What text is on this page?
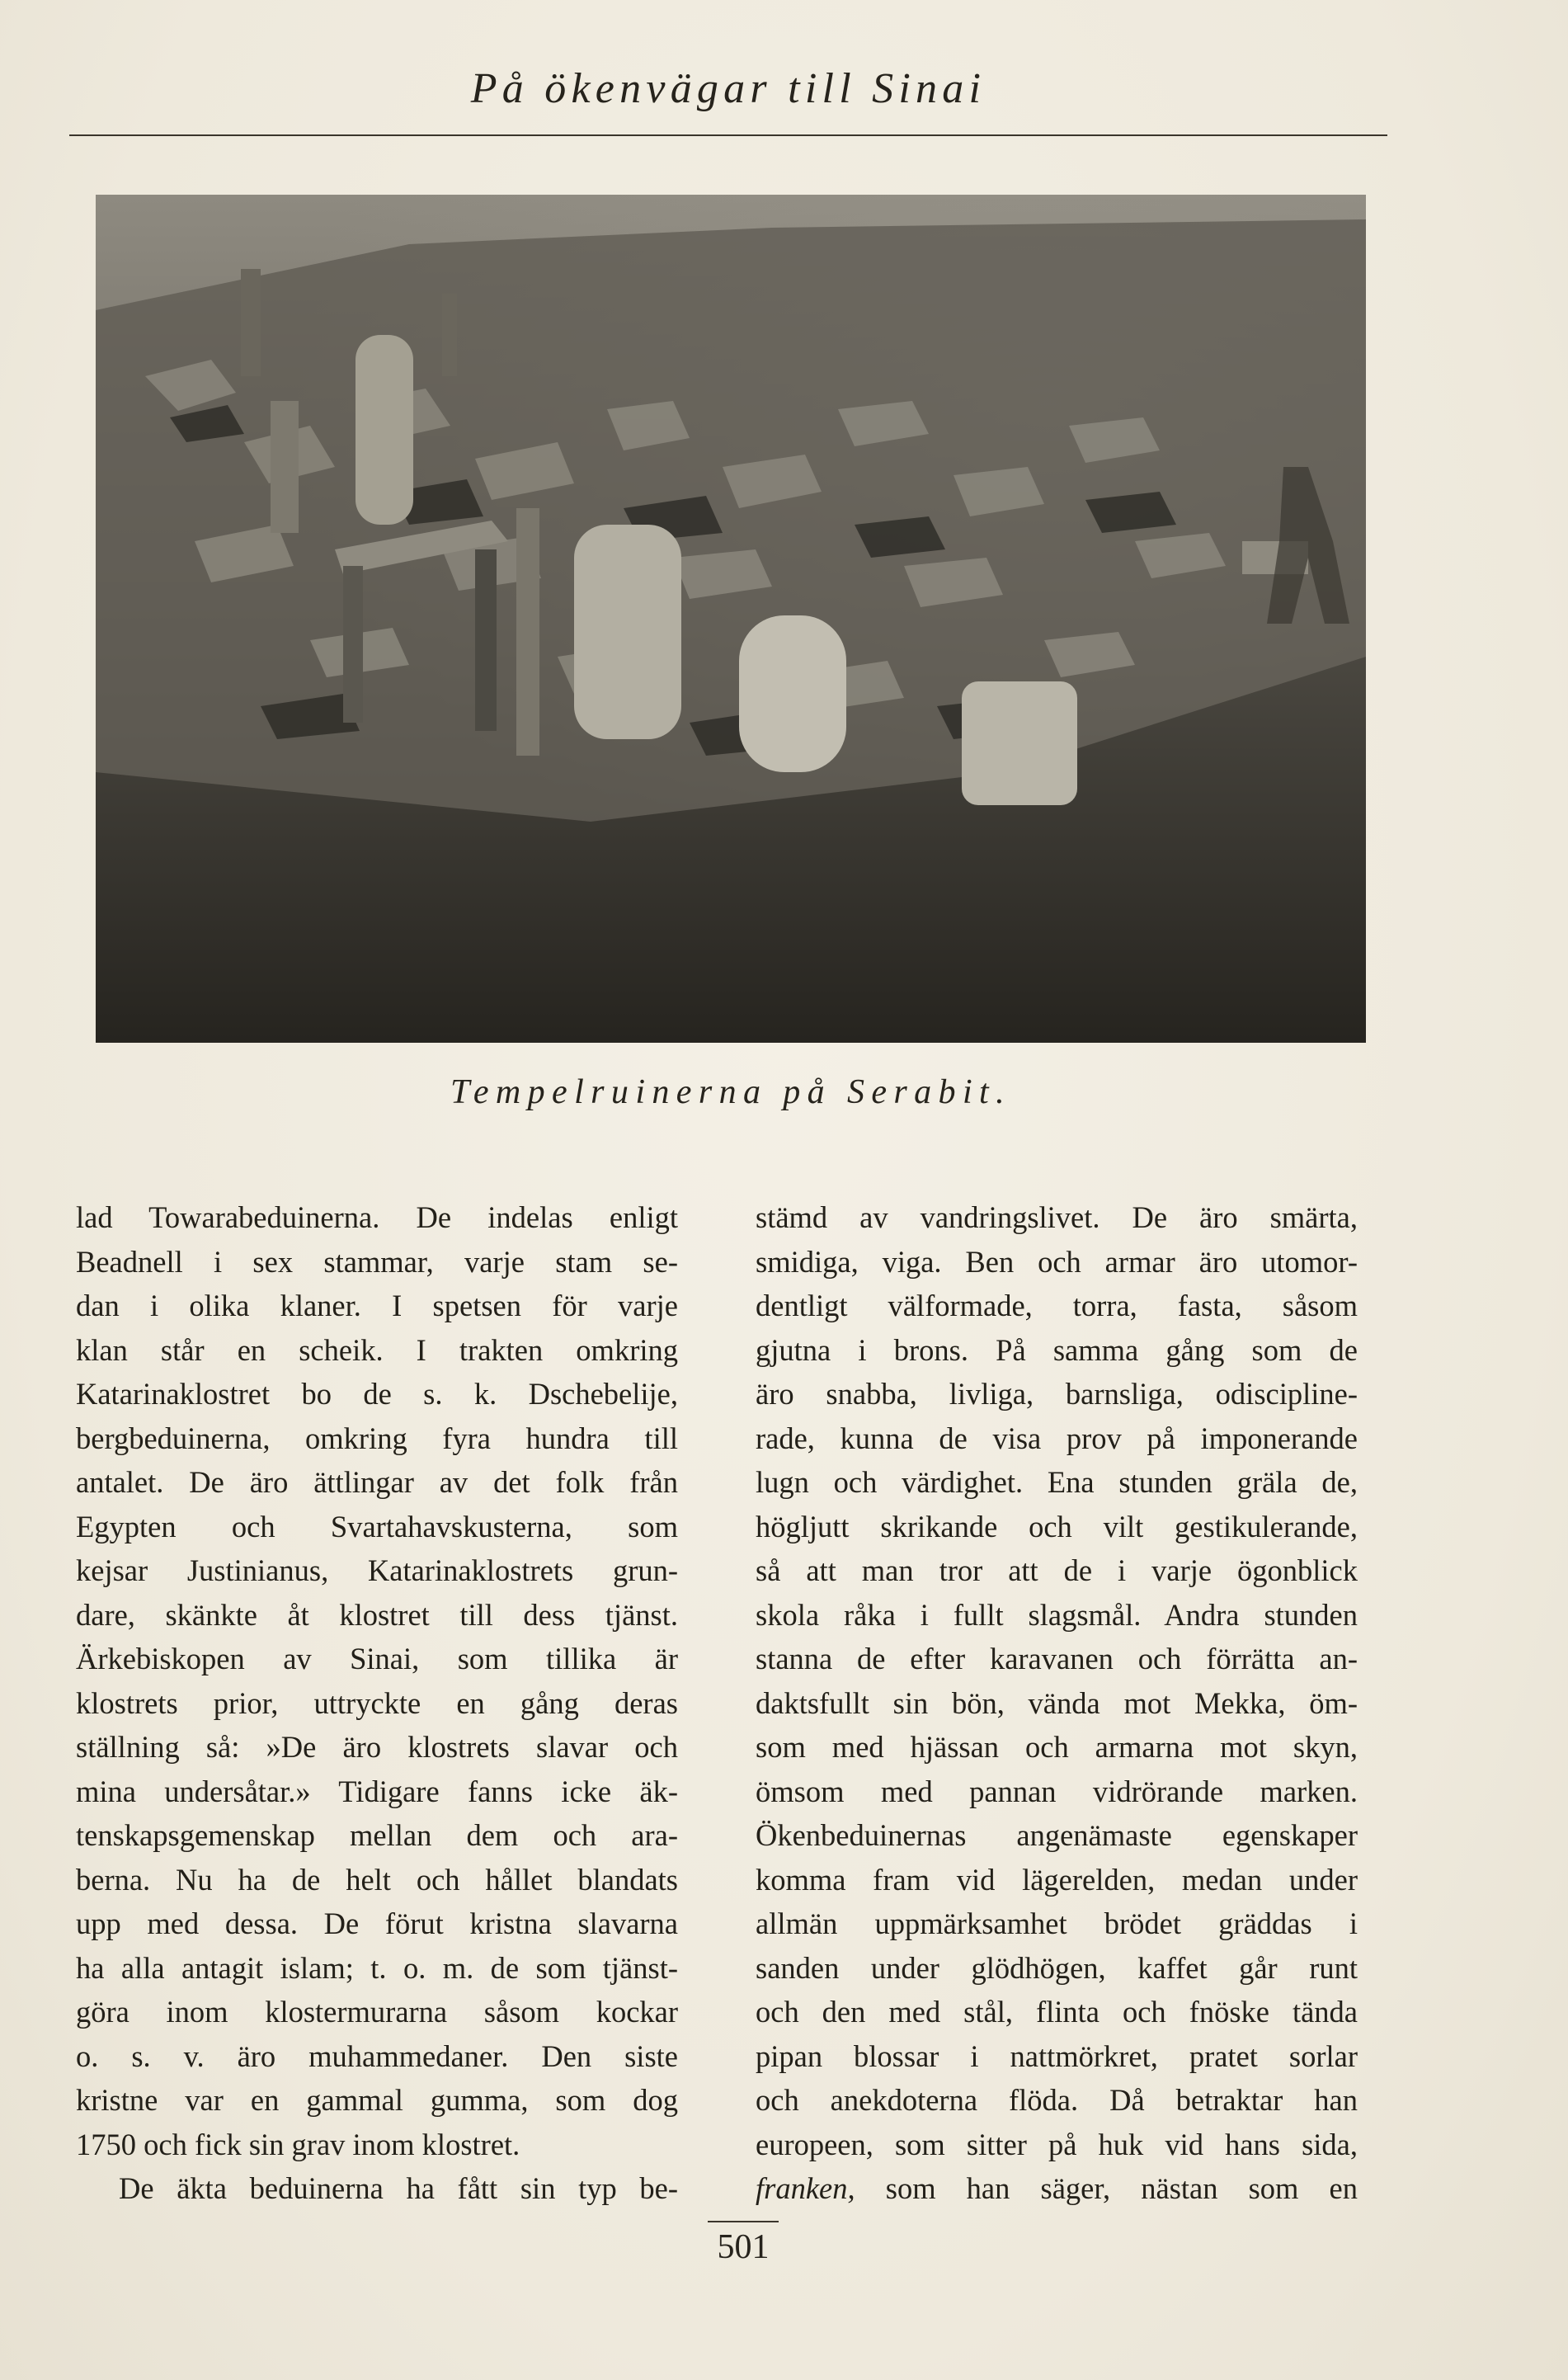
På ökenvägar till Sinai
Tempelruinerna på Serabit.
lad Towarabeduinerna. De indelas enligt
Beadnell i sex stammar, varje stam se-
dan i olika klaner. I spetsen för varje
klan står en scheik. I trakten omkring
Katarinaklostret bo de s. k. Dschebelije,
bergbeduinerna, omkring fyra hundra till
antalet. De äro ättlingar av det folk från
Egypten och Svartahavskusterna, som
kejsar Justinianus, Katarinaklostrets grun-
dare, skänkte åt klostret till dess tjänst.
Ärkebiskopen av Sinai, som tillika är
klostrets prior, uttryckte en gång deras
ställning så: »De äro klostrets slavar och
mina undersåtar.» Tidigare fanns icke äk-
tenskapsgemenskap mellan dem och ara-
berna. Nu ha de helt och hållet blandats
upp med dessa. De förut kristna slavarna
ha alla antagit islam; t. o. m. de som tjänst-
göra inom klostermurarna såsom kockar
o. s. v. äro muhammedaner. Den siste
kristne var en gammal gumma, som dog
1750 och fick sin grav inom klostret.
De äkta beduinerna ha fått sin typ be-
stämd av vandringslivet. De äro smärta,
smidiga, viga. Ben och armar äro utomor-
dentligt välformade, torra, fasta, såsom
gjutna i brons. På samma gång som de
äro snabba, livliga, barnsliga, odiscipline-
rade, kunna de visa prov på imponerande
lugn och värdighet. Ena stunden gräla de,
högljutt skrikande och vilt gestikulerande,
så att man tror att de i varje ögonblick
skola råka i fullt slagsmål. Andra stunden
stanna de efter karavanen och förrätta an-
daktsfullt sin bön, vända mot Mekka, öm-
som med hjässan och armarna mot skyn,
ömsom med pannan vidrörande marken.
Ökenbeduinernas angenämaste egenskaper
komma fram vid lägerelden, medan under
allmän uppmärksamhet brödet gräddas i
sanden under glödhögen, kaffet går runt
och den med stål, flinta och fnöske tända
pipan blossar i nattmörkret, pratet sorlar
och anekdoterna flöda. Då betraktar han
europeen, som sitter på huk vid hans sida,
franken, som han säger, nästan som en
501
